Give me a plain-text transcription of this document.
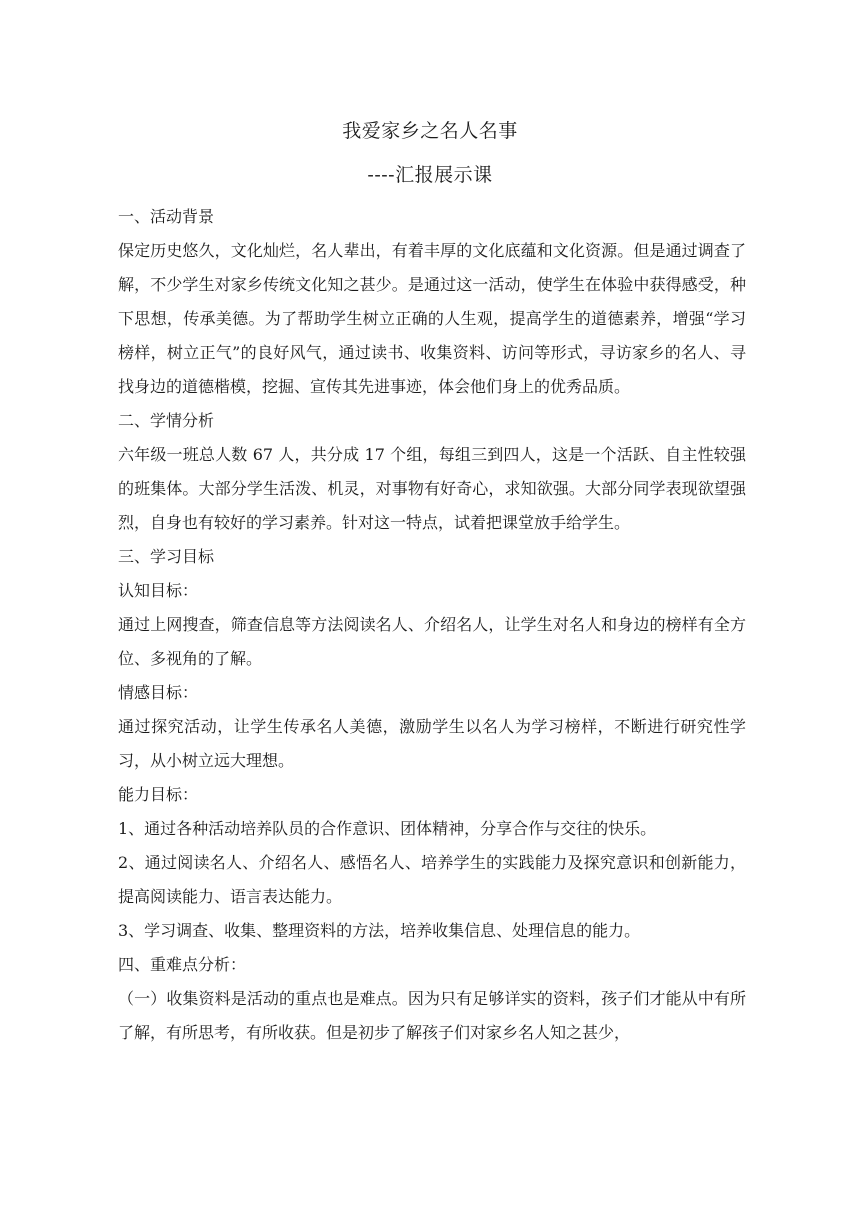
我爱家乡之名人名事
----汇报展示课

一、活动背景

保定历史悠久，文化灿烂，名人辈出，有着丰厚的文化底蕴和文化资源。但是通过调查了解，不少学生对家乡传统文化知之甚少。是通过这一活动，使学生在体验中获得感受，种下思想，传承美德。为了帮助学生树立正确的人生观，提高学生的道德素养，增强“学习榜样，树立正气”的良好风气，通过读书、收集资料、访问等形式，寻访家乡的名人、寻找身边的道德楷模，挖掘、宣传其先进事迹，体会他们身上的优秀品质。

二、学情分析

六年级一班总人数 67 人，共分成 17 个组，每组三到四人，这是一个活跃、自主性较强的班集体。大部分学生活泼、机灵，对事物有好奇心，求知欲强。大部分同学表现欲望强烈，自身也有较好的学习素养。针对这一特点，试着把课堂放手给学生。

三、学习目标

认知目标：

通过上网搜查，筛查信息等方法阅读名人、介绍名人，让学生对名人和身边的榜样有全方位、多视角的了解。

情感目标：

通过探究活动，让学生传承名人美德，激励学生以名人为学习榜样，不断进行研究性学习，从小树立远大理想。

能力目标：

1、通过各种活动培养队员的合作意识、团体精神，分享合作与交往的快乐。

2、通过阅读名人、介绍名人、感悟名人、培养学生的实践能力及探究意识和创新能力，提高阅读能力、语言表达能力。

3、学习调查、收集、整理资料的方法，培养收集信息、处理信息的能力。

四、重难点分析：

（一）收集资料是活动的重点也是难点。因为只有足够详实的资料，孩子们才能从中有所了解，有所思考，有所收获。但是初步了解孩子们对家乡名人知之甚少，
